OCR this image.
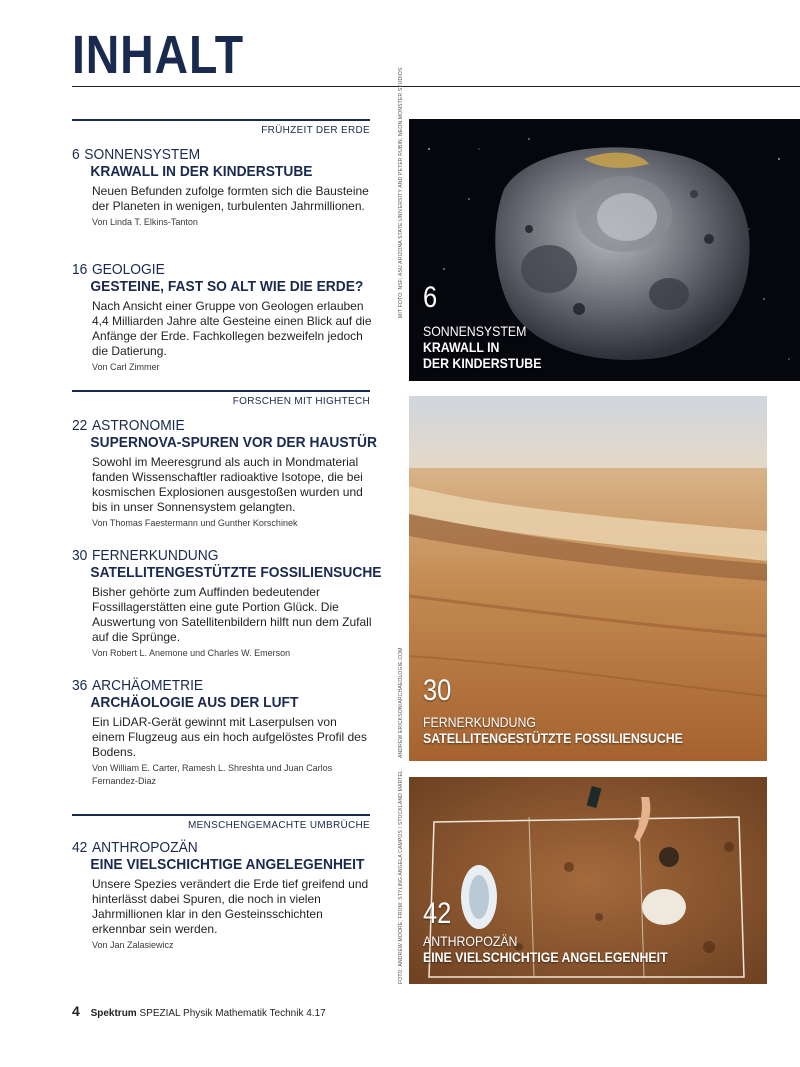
INHALT
FRÜHZEIT DER ERDE
6 SONNENSYSTEM
KRAWALL IN DER KINDERSTUBE
Neuen Befunden zufolge formten sich die Bausteine der Planeten in wenigen, turbulenten Jahrmillionen.
Von Linda T. Elkins-Tanton
16 GEOLOGIE
GESTEINE, FAST SO ALT WIE DIE ERDE?
Nach Ansicht einer Gruppe von Geologen erlauben 4,4 Milliarden Jahre alte Gesteine einen Blick auf die Anfänge der Erde. Fachkollegen bezweifeln jedoch die Datierung.
Von Carl Zimmer
FORSCHEN MIT HIGHTECH
22 ASTRONOMIE
SUPERNOVA-SPUREN VOR DER HAUSTÜR
Sowohl im Meeresgrund als auch in Mondmaterial fanden Wissenschaftler radioaktive Isotope, die bei kosmischen Explosionen ausgestoßen wurden und bis in unser Sonnensystem gelangten.
Von Thomas Faestermann und Gunther Korschinek
30 FERNERKUNDUNG
SATELLITENGESTÜTZTE FOSSILIENSUCHE
Bisher gehörte zum Auffinden bedeutender Fossillagerstätten eine gute Portion Glück. Die Auswertung von Satellitenbildern hilft nun dem Zufall auf die Sprünge.
Von Robert L. Anemone und Charles W. Emerson
36 ARCHÄOMETRIE
ARCHÄOLOGIE AUS DER LUFT
Ein LiDAR-Gerät gewinnt mit Laserpulsen von einem Flugzeug aus ein hoch aufgelöstes Profil des Bodens.
Von William E. Carter, Ramesh L. Shreshta und Juan Carlos Fernandez-Diaz
MENSCHENGEMACHTE UMBRÜCHE
42 ANTHROPOZÄN
EINE VIELSCHICHTIGE ANGELEGENHEIT
Unsere Spezies verändert die Erde tief greifend und hinterlässt dabei Spuren, die noch in vielen Jahrmillionen klar in den Gesteinsschichten erkennbar sein werden.
Von Jan Zalasiewicz
6
SONNENSYSTEM
KRAWALL IN
DER KINDERSTUBE
MIT FOTO: NSF; ASU ARIZONA STATE UNIVERSITY AND PETER RUBIN, NEON MONSTER STUDIOS
30
FERNERKUNDUNG
SATELLITENGESTÜTZTE FOSSILIENSUCHE
ANDREW ERICKSON/ARCHAEOLOGIE.COM
42
ANTHROPOZÄN
EINE VIELSCHICHTIGE ANGELEGENHEIT
FOTO: ANDREW MOORE; FROM: STYLING ANGELA CAMPOS / STOCKLAND MARTEL
4 Spektrum SPEZIAL Physik Mathematik Technik 4.17
